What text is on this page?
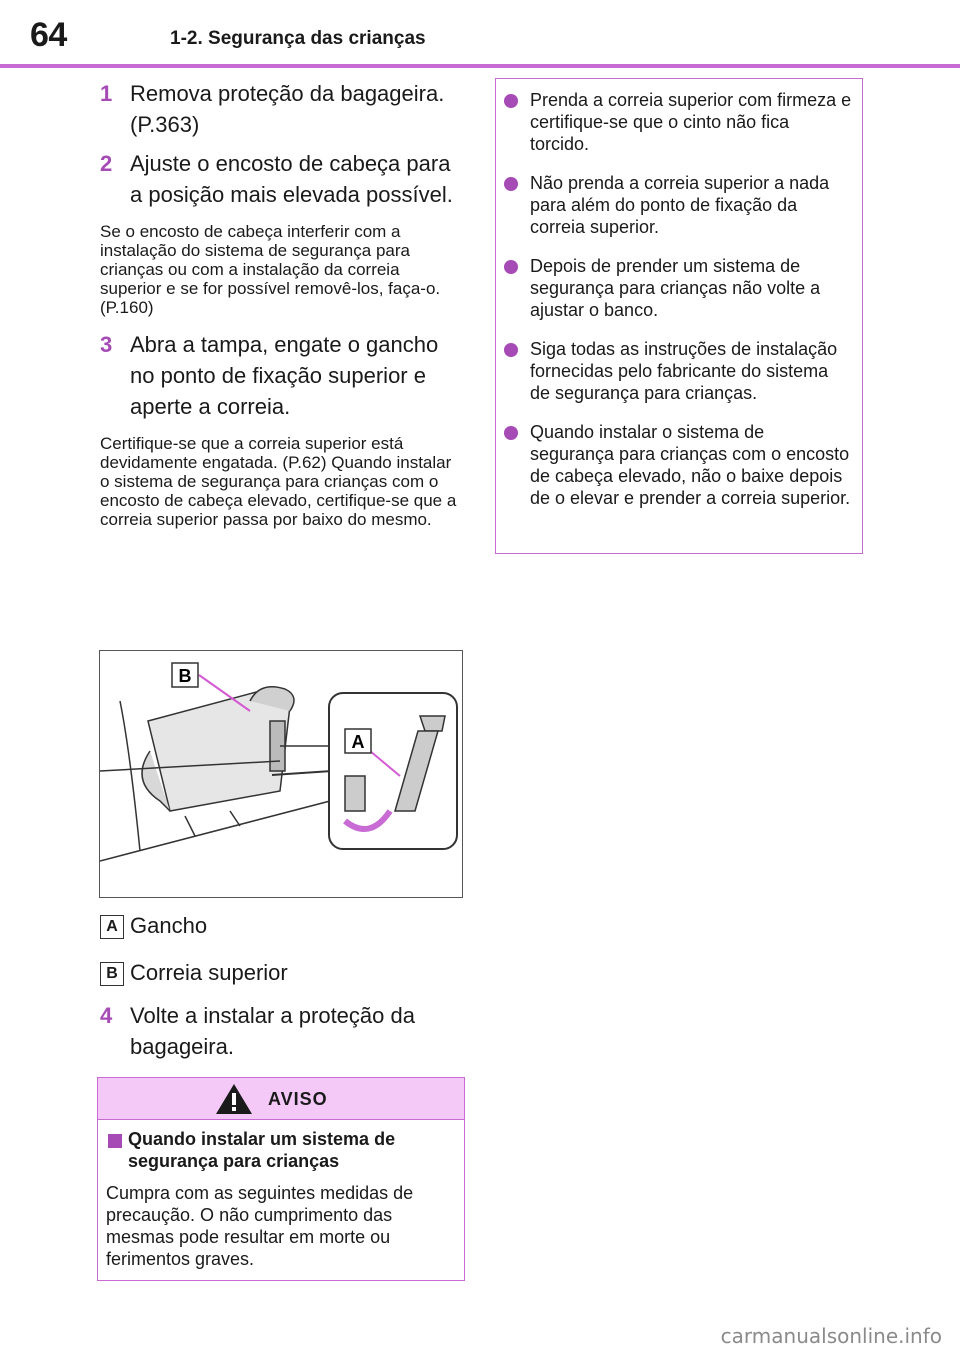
64	1-2. Segurança das crianças
1 Remova proteção da bagageira. (P.363)
2 Ajuste o encosto de cabeça para a posição mais elevada possível.
Se o encosto de cabeça interferir com a instalação do sistema de segurança para crianças ou com a instalação da correia superior e se for possível removê-los, faça-o. (P.160)
3 Abra a tampa, engate o gancho no ponto de fixação superior e aperte a correia.
Certifique-se que a correia superior está devidamente engatada. (P.62) Quando instalar o sistema de segurança para crianças com o encosto de cabeça elevado, certifique-se que a correia superior passa por baixo do mesmo.
B
A
A Gancho
B Correia superior
4 Volte a instalar a proteção da bagageira.
AVISO
Quando instalar um sistema de segurança para crianças
Cumpra com as seguintes medidas de precaução. O não cumprimento das mesmas pode resultar em morte ou ferimentos graves.
Prenda a correia superior com firmeza e certifique-se que o cinto não fica torcido.
Não prenda a correia superior a nada para além do ponto de fixação da correia superior.
Depois de prender um sistema de segurança para crianças não volte a ajustar o banco.
Siga todas as instruções de instalação fornecidas pelo fabricante do sistema de segurança para crianças.
Quando instalar o sistema de segurança para crianças com o encosto de cabeça elevado, não o baixe depois de o elevar e prender a correia superior.
carmanualsonline.info
